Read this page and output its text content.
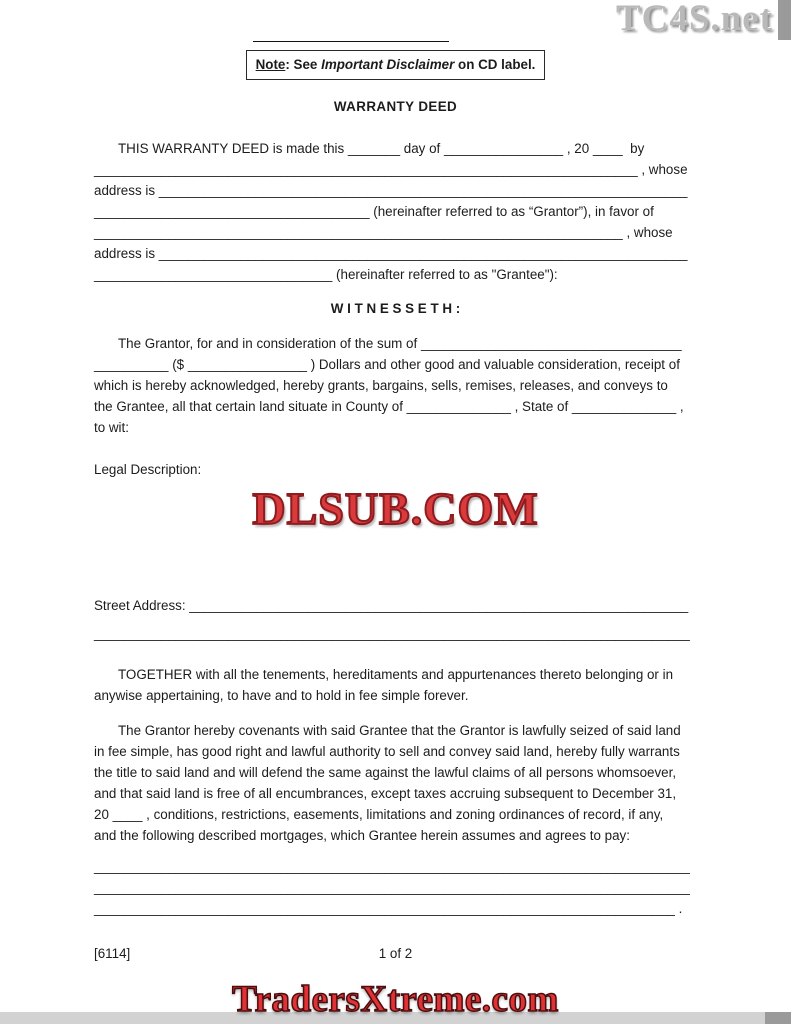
TC4S.net
Note: See Important Disclaimer on CD label.
WARRANTY DEED
THIS WARRANTY DEED is made this _______ day of ________________ , 20 ____  by
_________________________________________________________________________ , whose
address is _______________________________________________________________________
_____________________________________ (hereinafter referred to as “Grantor”), in favor of
_______________________________________________________________________ , whose
address is _______________________________________________________________________
________________________________ (hereinafter referred to as "Grantee"):
W I T N E S S E T H :
The Grantor, for and in consideration of the sum of ___________________________________
__________ ($ ________________ ) Dollars and other good and valuable consideration, receipt of
which is hereby acknowledged, hereby grants, bargains, sells, remises, releases, and conveys to
the Grantee, all that certain land situate in County of ______________ , State of ______________ ,
to wit:
Legal Description:
DLSUB.COM
Street Address: ___________________________________________________________________
________________________________________________________________________________
TOGETHER with all the tenements, hereditaments and appurtenances thereto belonging or in
anywise appertaining, to have and to hold in fee simple forever.
The Grantor hereby covenants with said Grantee that the Grantor is lawfully seized of said land
in fee simple, has good right and lawful authority to sell and convey said land, hereby fully warrants
the title to said land and will defend the same against the lawful claims of all persons whomsoever,
and that said land is free of all encumbrances, except taxes accruing subsequent to December 31,
20 ____ , conditions, restrictions, easements, limitations and zoning ordinances of record, if any,
and the following described mortgages, which Grantee herein assumes and agrees to pay:
________________________________________________________________________________
________________________________________________________________________________
______________________________________________________________________________ .
[6114]	1 of 2
TradersXtreme.com
